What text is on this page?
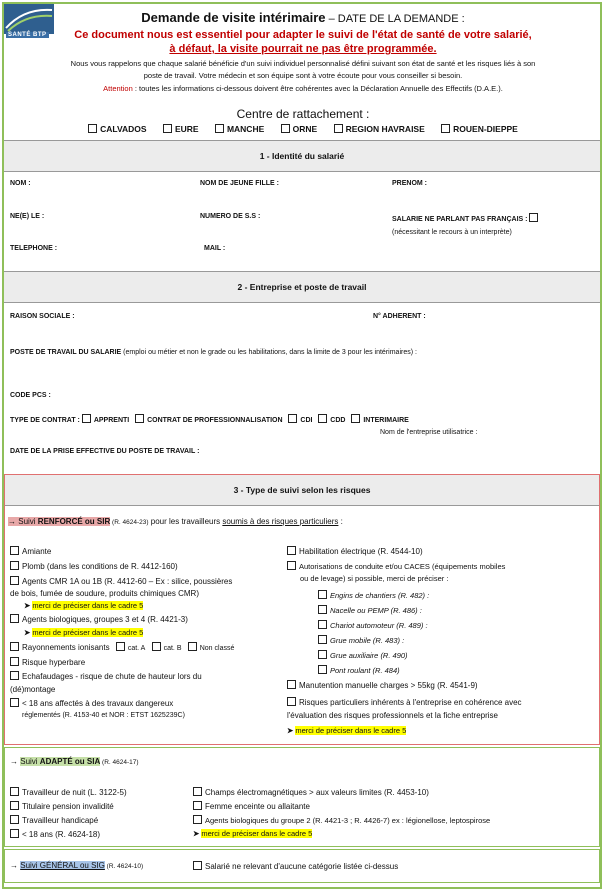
SANTÉ BTP
Demande de visite intérimaire – DATE DE LA DEMANDE :
Ce document nous est essentiel pour adapter le suivi de l'état de santé de votre salarié,
à défaut, la visite pourrait ne pas être programmée.
Nous vous rappelons que chaque salarié bénéficie d'un suivi individuel personnalisé défini suivant son état de santé et les risques liés à son
poste de travail. Votre médecin et son équipe sont à votre écoute pour vous conseiller si besoin.
Attention : toutes les informations ci-dessous doivent être cohérentes avec la Déclaration Annuelle des Effectifs (D.A.E.).
Centre de rattachement :
CALVADOS	EURE	MANCHE	ORNE	REGION HAVRAISE	ROUEN-DIEPPE
1 - Identité du salarié
NOM :	NOM DE JEUNE FILLE :	PRENOM :
NE(E) LE :	NUMERO DE S.S :	SALARIE NE PARLANT PAS FRANÇAIS :
(nécessitant le recours à un interprète)
TELEPHONE :	MAIL :
2 - Entreprise et poste de travail
RAISON SOCIALE :	N° ADHERENT :
POSTE DE TRAVAIL DU SALARIE (emploi ou métier et non le grade ou les habilitations, dans la limite de 3 pour les intérimaires) :
CODE PCS :
TYPE DE CONTRAT : APPRENTI	CONTRAT DE PROFESSIONNALISATION	CDI	CDD	INTERIMAIRE
Nom de l'entreprise utilisatrice :
DATE DE LA PRISE EFFECTIVE DU POSTE DE TRAVAIL :
3 - Type de suivi selon les risques
→ Suivi RENFORCÉ ou SIR (R. 4624-23) pour les travailleurs soumis à des risques particuliers :
Amiante
Plomb (dans les conditions de R. 4412-160)
Agents CMR 1A ou 1B (R. 4412-60 – Ex : silice, poussières
de bois, fumée de soudure, produits chimiques CMR)
➤ merci de préciser dans le cadre 5
Agents biologiques, groupes 3 et 4 (R. 4421-3)
➤ merci de préciser dans le cadre 5
Rayonnements ionisants	cat. A	cat. B	Non classé
Risque hyperbare
Echafaudages - risque de chute de hauteur lors du
(dé)montage
< 18 ans affectés à des travaux dangereux
réglementés (R. 4153-40 et NOR : ETST 1625239C)
Habilitation électrique (R. 4544-10)
Autorisations de conduite et/ou CACES (équipements mobiles
ou de levage) si possible, merci de préciser :
Engins de chantiers (R. 482) :
Nacelle ou PEMP (R. 486) :
Chariot automoteur (R. 489) :
Grue mobile (R. 483) :
Grue auxiliaire (R. 490)
Pont roulant (R. 484)
Manutention manuelle charges > 55kg (R. 4541-9)
Risques particuliers inhérents à l'entreprise en cohérence avec
l'évaluation des risques professionnels et la fiche entreprise
➤ merci de préciser dans le cadre 5
→ Suivi ADAPTÉ ou SIA (R. 4624-17)
Travailleur de nuit (L. 3122-5)
Titulaire pension invalidité
Travailleur handicapé
< 18 ans (R. 4624-18)
Champs électromagnétiques > aux valeurs limites (R. 4453-10)
Femme enceinte ou allaitante
Agents biologiques du groupe 2 (R. 4421-3 ; R. 4426-7) ex : légionellose, leptospirose
➤ merci de préciser dans le cadre 5
→ Suivi GÉNÉRAL ou SIG (R. 4624-10)	Salarié ne relevant d'aucune catégorie listée ci-dessus
